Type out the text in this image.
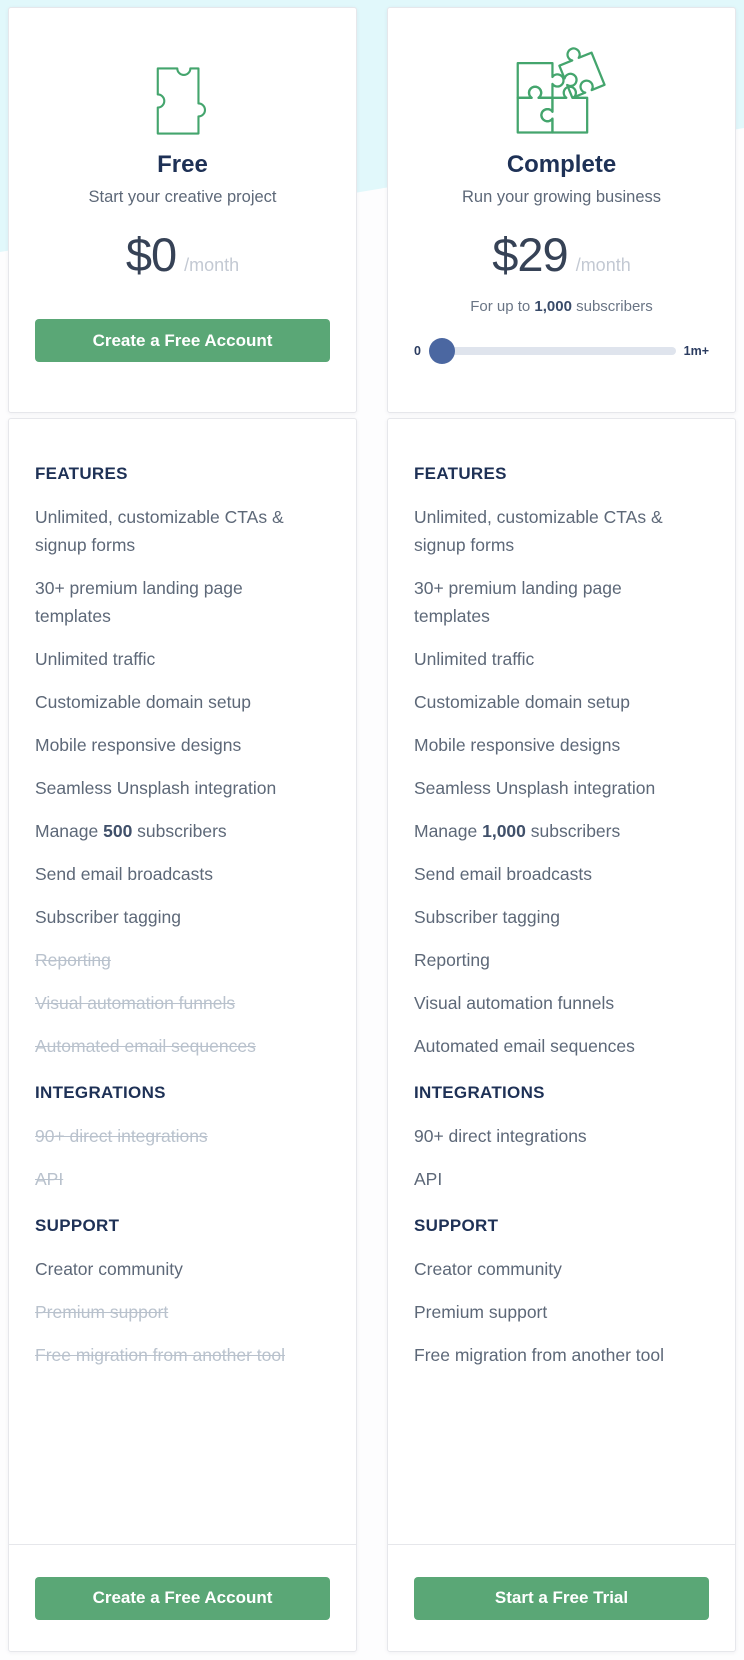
Free
Start your creative project
$0 /month
Create a Free Account
FEATURES
Unlimited, customizable CTAs &
signup forms
30+ premium landing page
templates
Unlimited traffic
Customizable domain setup
Mobile responsive designs
Seamless Unsplash integration
Manage 500 subscribers
Send email broadcasts
Subscriber tagging
Reporting
Visual automation funnels
Automated email sequences
INTEGRATIONS
90+ direct integrations
API
SUPPORT
Creator community
Premium support
Free migration from another tool
Create a Free Account
Complete
Run your growing business
$29 /month
For up to 1,000 subscribers
0	1m+
FEATURES
Unlimited, customizable CTAs &
signup forms
30+ premium landing page
templates
Unlimited traffic
Customizable domain setup
Mobile responsive designs
Seamless Unsplash integration
Manage 1,000 subscribers
Send email broadcasts
Subscriber tagging
Reporting
Visual automation funnels
Automated email sequences
INTEGRATIONS
90+ direct integrations
API
SUPPORT
Creator community
Premium support
Free migration from another tool
Start a Free Trial
